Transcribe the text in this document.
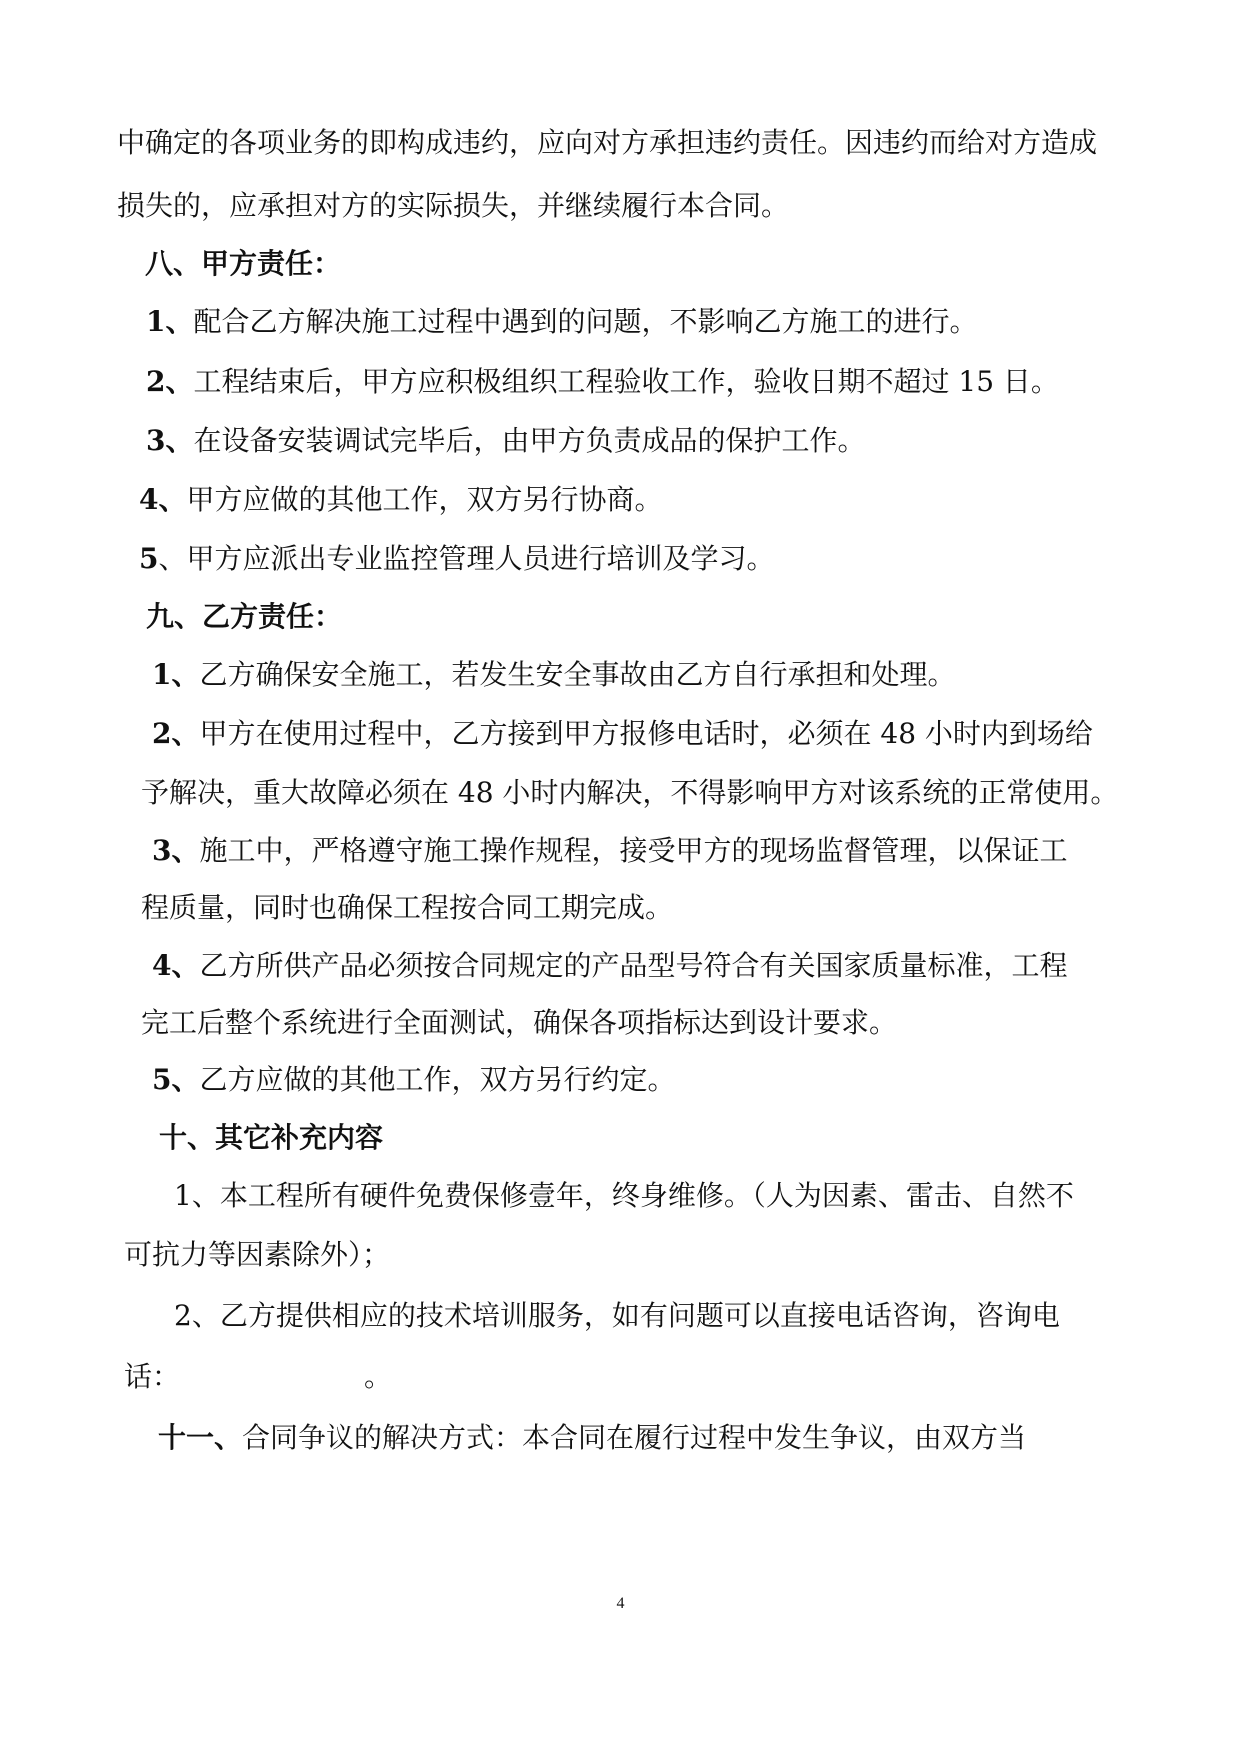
中确定的各项业务的即构成违约，应向对方承担违约责任。因违约而给对方造成
损失的，应承担对方的实际损失，并继续履行本合同。
八、甲方责任：
1、配合乙方解决施工过程中遇到的问题，不影响乙方施工的进行。
2、工程结束后，甲方应积极组织工程验收工作，验收日期不超过 15 日。
3、在设备安装调试完毕后，由甲方负责成品的保护工作。
4、甲方应做的其他工作，双方另行协商。
5、甲方应派出专业监控管理人员进行培训及学习。
九、乙方责任：
1、乙方确保安全施工，若发生安全事故由乙方自行承担和处理。
2、甲方在使用过程中，乙方接到甲方报修电话时，必须在 48 小时内到场给
予解决，重大故障必须在 48 小时内解决，不得影响甲方对该系统的正常使用。
3、施工中，严格遵守施工操作规程，接受甲方的现场监督管理，以保证工
程质量，同时也确保工程按合同工期完成。
4、乙方所供产品必须按合同规定的产品型号符合有关国家质量标准，工程
完工后整个系统进行全面测试，确保各项指标达到设计要求。
5、乙方应做的其他工作，双方另行约定。
十、其它补充内容
1、本工程所有硬件免费保修壹年，终身维修。（人为因素、雷击、自然不
可抗力等因素除外）；
2、乙方提供相应的技术培训服务，如有问题可以直接电话咨询，咨询电
话：	。
十一、合同争议的解决方式：本合同在履行过程中发生争议，由双方当
4
